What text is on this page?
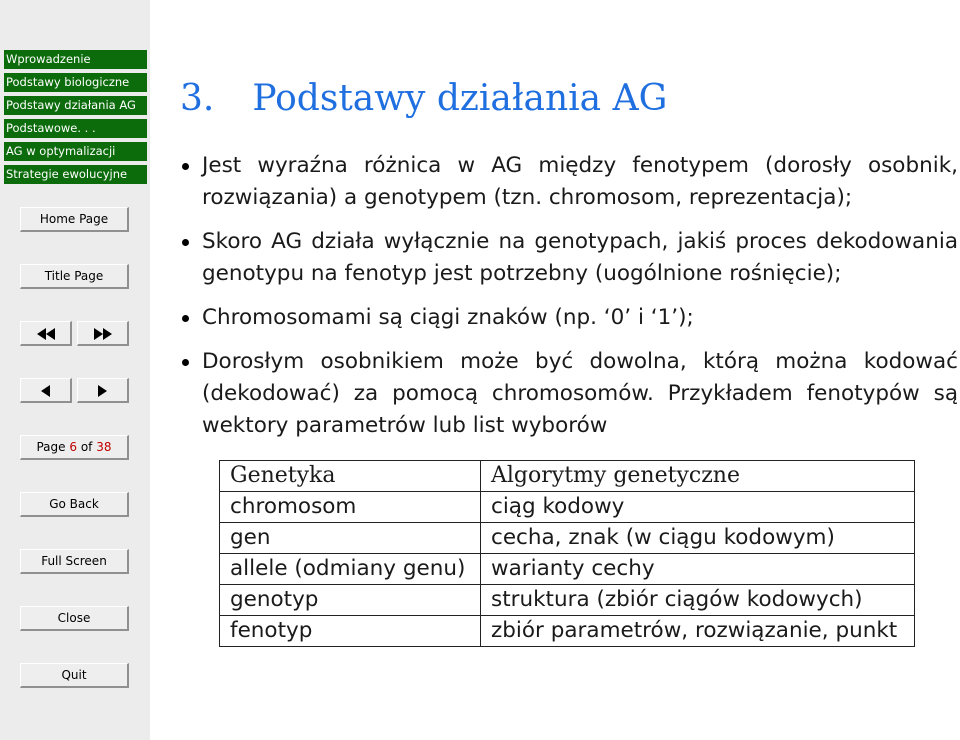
Wprowadzenie
Podstawy biologiczne
Podstawy działania AG
Podstawowe. . .
AG w optymalizacji
Strategie ewolucyjne
Home Page
Title Page
Page 6 of 38
Go Back
Full Screen
Close
Quit
3. Podstawy działania AG
Jest wyraźna różnica w AG między fenotypem (dorosły osobnik, rozwiązania) a genotypem (tzn. chromosom, reprezentacja);
Skoro AG działa wyłącznie na genotypach, jakiś proces dekodowania genotypu na fenotyp jest potrzebny (uogólnione rośnięcie);
Chromosomami są ciągi znaków (np. ‘0’ i ‘1’);
Dorosłym osobnikiem może być dowolna, którą można kodować (dekodować) za pomocą chromosomów. Przykładem fenotypów są wektory parametrów lub list wyborów
Genetyka	Algorytmy genetyczne
chromosom	ciąg kodowy
gen	cecha, znak (w ciągu kodowym)
allele (odmiany genu)	warianty cechy
genotyp	struktura (zbiór ciągów kodowych)
fenotyp	zbiór parametrów, rozwiązanie, punkt
